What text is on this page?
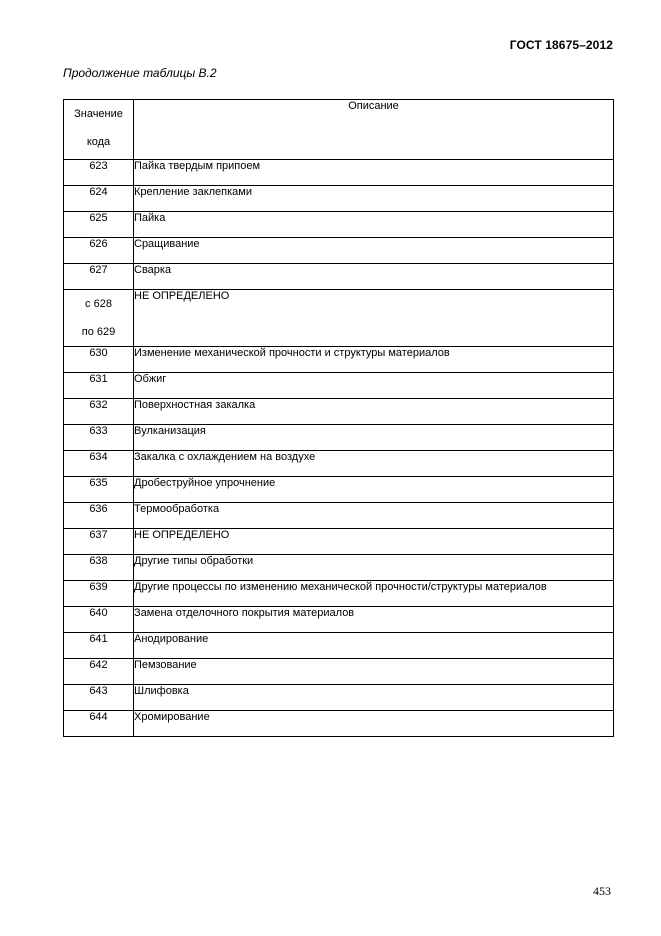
ГОСТ 18675–2012
Продолжение таблицы В.2
Значение
кода	Описание
623	Пайка твердым припоем
624	Крепление заклепками
625	Пайка
626	Сращивание
627	Сварка

с 628
по 629	НЕ ОПРЕДЕЛЕНО
630	Изменение механической прочности и структуры материалов
631	Обжиг
632	Поверхностная закалка
633	Вулканизация
634	Закалка с охлаждением на воздухе
635	Дробеструйное упрочнение
636	Термообработка
637	НЕ ОПРЕДЕЛЕНО
638	Другие типы обработки
639	Другие процессы по изменению механической прочности/структуры материалов
640	Замена отделочного покрытия материалов
641	Анодирование
642	Пемзование
643	Шлифовка
644	Хромирование
453
